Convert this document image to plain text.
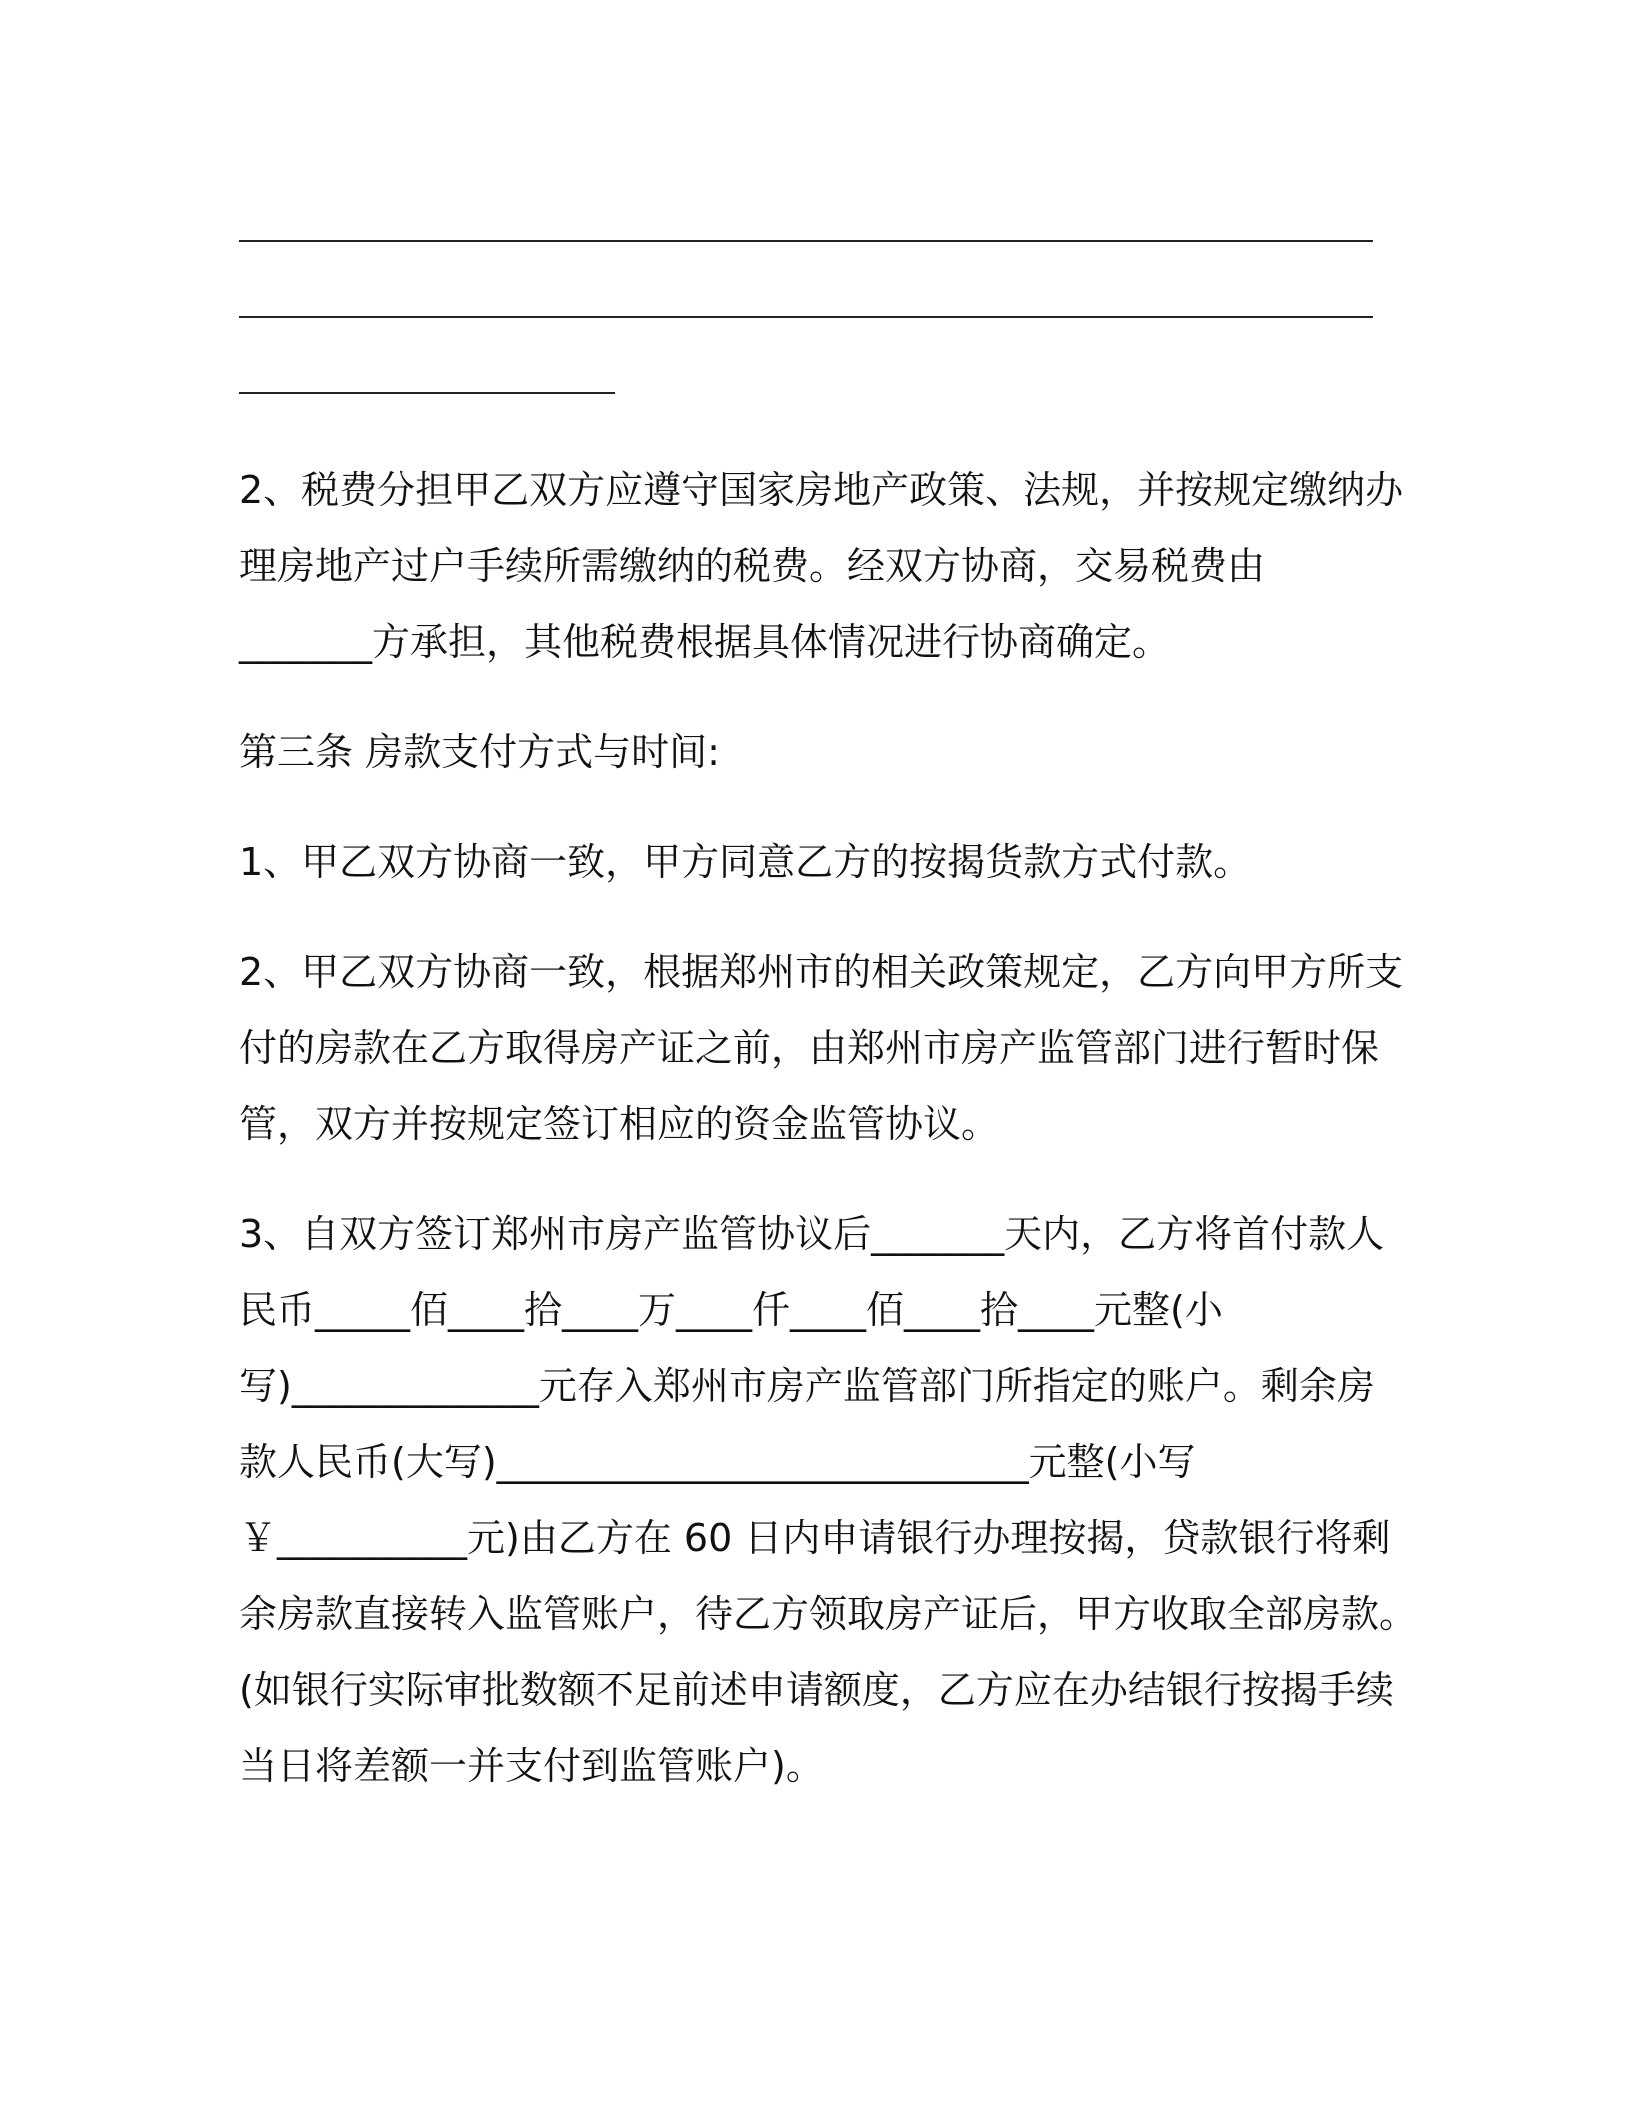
2、税费分担甲乙双方应遵守国家房地产政策、法规，并按规定缴纳办
理房地产过户手续所需缴纳的税费。经双方协商，交易税费由
_______方承担，其他税费根据具体情况进行协商确定。
第三条 房款支付方式与时间:
1、甲乙双方协商一致，甲方同意乙方的按揭货款方式付款。
2、甲乙双方协商一致，根据郑州市的相关政策规定，乙方向甲方所支
付的房款在乙方取得房产证之前，由郑州市房产监管部门进行暂时保
管，双方并按规定签订相应的资金监管协议。
3、自双方签订郑州市房产监管协议后_______天内，乙方将首付款人
民币_____佰____拾____万____仟____佰____拾____元整(小
写)_____________元存入郑州市房产监管部门所指定的账户。剩余房
款人民币(大写)____________________________元整(小写
￥__________元)由乙方在 60 日内申请银行办理按揭，贷款银行将剩
余房款直接转入监管账户，待乙方领取房产证后，甲方收取全部房款。
(如银行实际审批数额不足前述申请额度，乙方应在办结银行按揭手续
当日将差额一并支付到监管账户)。
